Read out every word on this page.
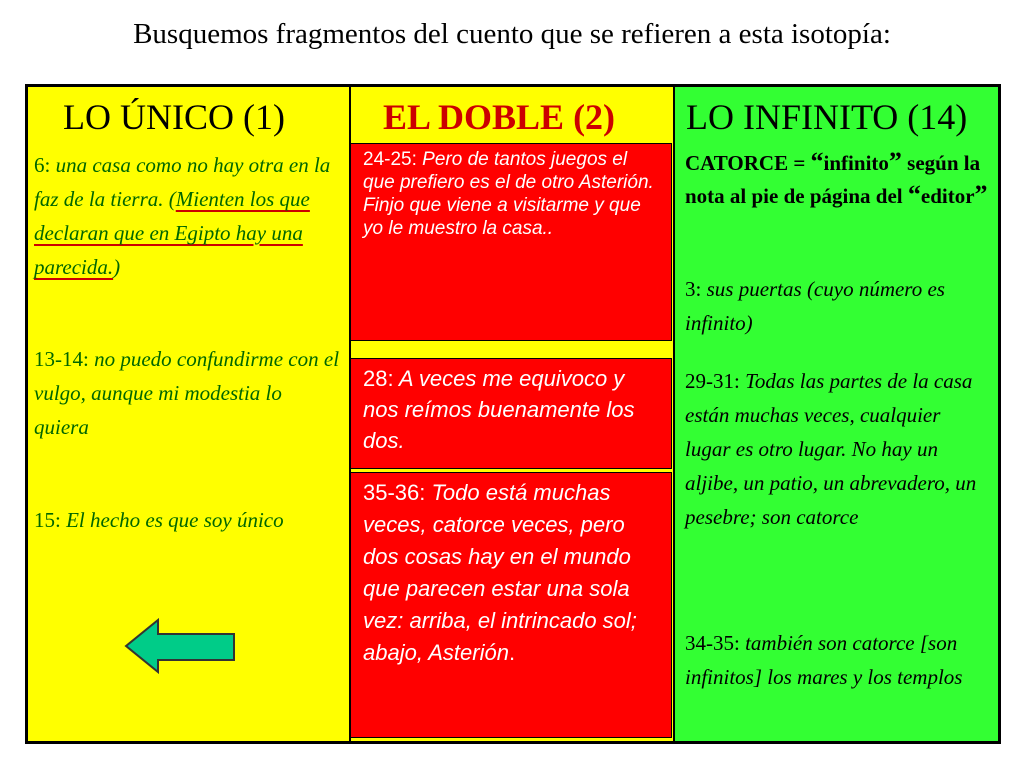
Busquemos fragmentos del cuento que se refieren a esta isotopía:
LO ÚNICO (1)	EL DOBLE (2) LO INFINITO (14)
6: una casa como no hay otra en la faz de la tierra. (Mienten los que declaran que en Egipto hay una parecida.)
13-14: no puedo confundirme con el vulgo, aunque mi modestia lo quiera
15: El hecho es que soy único
24-25: Pero de tantos juegos el que prefiero es el de otro Asterión. Finjo que viene a visitarme y que yo le muestro la casa..
28: A veces me equivoco y nos reímos buenamente los dos.
35-36: Todo está muchas veces, catorce veces, pero dos cosas hay en el mundo que parecen estar una sola vez: arriba, el intrincado sol; abajo, Asterión.
CATORCE = “infinito” según la nota al pie de página del “editor”
3: sus puertas (cuyo número es infinito)
29-31: Todas las partes de la casa están muchas veces, cualquier lugar es otro lugar. No hay un aljibe, un patio, un abrevadero, un pesebre; son catorce
34-35: también son catorce [son infinitos] los mares y los templos
